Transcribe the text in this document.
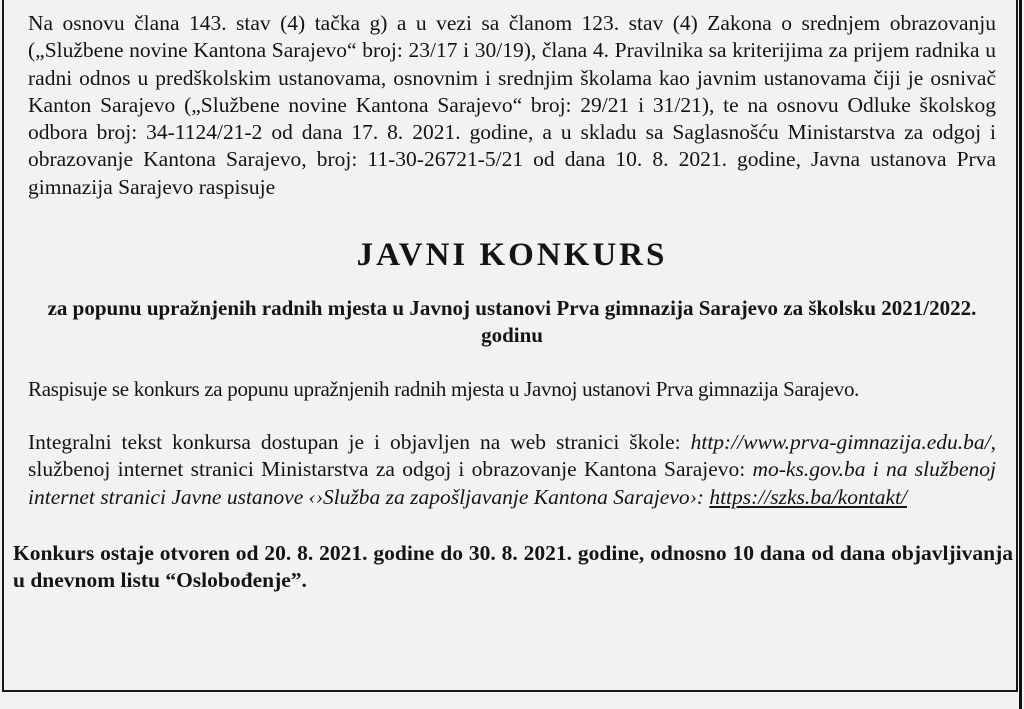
Na osnovu člana 143. stav (4) tačka g) a u vezi sa članom 123. stav (4) Zakona o srednjem obrazovanju („Službene novine Kantona Sarajevo“ broj: 23/17 i 30/19), člana 4. Pravilnika sa kriterijima za prijem radnika u radni odnos u predškolskim ustanovama, osnovnim i srednjim školama kao javnim ustanovama čiji je osnivač Kanton Sarajevo („Službene novine Kantona Sarajevo“ broj: 29/21 i 31/21), te na osnovu Odluke školskog odbora broj: 34-1124/21-2 od dana 17. 8. 2021. godine, a u skladu sa Saglasnošću Ministarstva za odgoj i obrazovanje Kantona Sarajevo, broj: 11-30-26721-5/21 od dana 10. 8. 2021. godine, Javna ustanova Prva gimnazija Sarajevo raspisuje

JAVNI KONKURS

za popunu upražnjenih radnih mjesta u Javnoj ustanovi Prva gimnazija Sarajevo za školsku 2021/2022. godinu

Raspisuje se konkurs za popunu upražnjenih radnih mjesta u Javnoj ustanovi Prva gimnazija Sarajevo.

Integralni tekst konkursa dostupan je i objavljen na web stranici škole: http://www.prva-gimnazija.edu.ba/, službenoj internet stranici Ministarstva za odgoj i obrazovanje Kantona Sarajevo: mo-ks.gov.ba i na službenoj internet stranici Javne ustanove ‹›Služba za zapošljavanje Kantona Sarajevo›: https://szks.ba/kontakt/

Konkurs ostaje otvoren od 20. 8. 2021. godine do 30. 8. 2021. godine, odnosno 10 dana od dana objavljivanja u dnevnom listu “Oslobođenje”.
